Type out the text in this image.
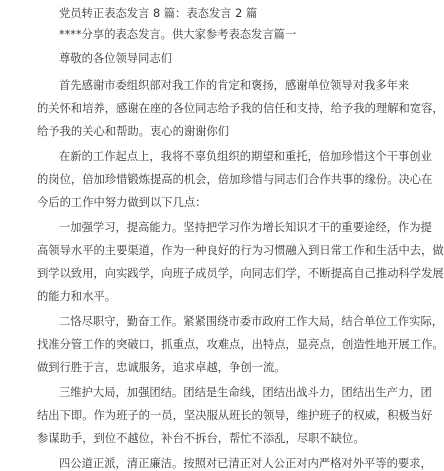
党员转正表态发言 8 篇：表态发言 2 篇
****分享的表态发言。供大家参考表态发言篇一
尊敬的各位领导同志们
首先感谢市委组织部对我工作的肯定和褒扬，感谢单位领导对我多年来
的关怀和培养，感谢在座的各位同志给予我的信任和支持，给予我的理解和宽容，
给予我的关心和帮助。衷心的谢谢你们
在新的工作起点上，我将不辜负组织的期望和重托，倍加珍惜这个干事创业
的岗位，倍加珍惜锻炼提高的机会，倍加珍惜与同志们合作共事的缘份。决心在
今后的工作中努力做到以下几点：
一加强学习，提高能力。坚持把学习作为增长知识才干的重要途经，作为提
高领导水平的主要渠道，作为一种良好的行为习惯融入到日常工作和生活中去，做
到学以致用，向实践学，向班子成员学，向同志们学，不断提高自己推动科学发展
的能力和水平。
二恪尽职守，勤奋工作。紧紧围绕市委市政府工作大局，结合单位工作实际，
找准分管工作的突破口，抓重点，攻难点，出特点，显亮点，创造性地开展工作。
做到行胜于言，忠诚服务，追求卓越，争创一流。
三维护大局，加强团结。团结是生命线，团结出战斗力，团结出生产力，团
结出下即。作为班子的一员，坚决服从班长的领导，维护班子的权威，积极当好
参谋助手，到位不越位，补台不拆台，帮忙不添乱，尽职不缺位。
四公道正派，清正廉洁。按照对已清正对人公正对内严格对外平等的要求，
